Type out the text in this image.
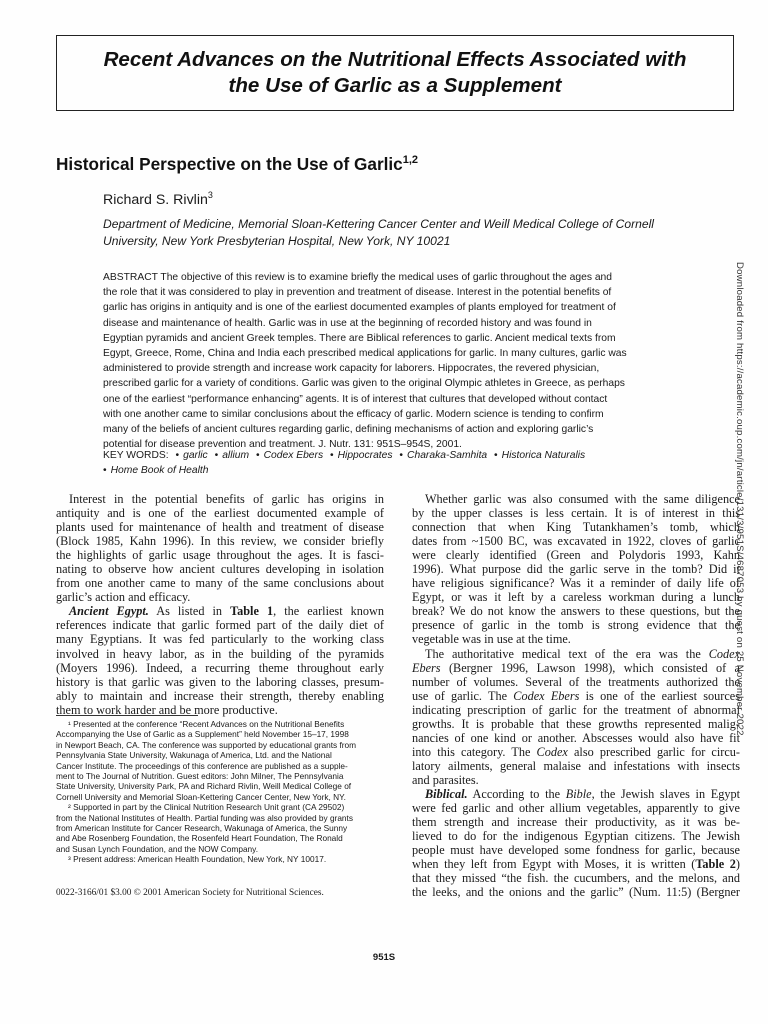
Recent Advances on the Nutritional Effects Associated with
the Use of Garlic as a Supplement
Historical Perspective on the Use of Garlic$^{1,2}$
Richard S. Rivlin$^3$
Department of Medicine, Memorial Sloan-Kettering Cancer Center and Weill Medical College of Cornell
University, New York Presbyterian Hospital, New York, NY 10021
ABSTRACT The objective of this review is to examine briefly the medical uses of garlic throughout the ages and
the role that it was considered to play in prevention and treatment of disease. Interest in the potential benefits of
garlic has origins in antiquity and is one of the earliest documented examples of plants employed for treatment of
disease and maintenance of health. Garlic was in use at the beginning of recorded history and was found in
Egyptian pyramids and ancient Greek temples. There are Biblical references to garlic. Ancient medical texts from
Egypt, Greece, Rome, China and India each prescribed medical applications for garlic. In many cultures, garlic was
administered to provide strength and increase work capacity for laborers. Hippocrates, the revered physician,
prescribed garlic for a variety of conditions. Garlic was given to the original Olympic athletes in Greece, as perhaps
one of the earliest “performance enhancing” agents. It is of interest that cultures that developed without contact
with one another came to similar conclusions about the efficacy of garlic. Modern science is tending to confirm
many of the beliefs of ancient cultures regarding garlic, defining mechanisms of action and exploring garlic’s
potential for disease prevention and treatment. J. Nutr. 131: 951S–954S, 2001.
KEY WORDS: • garlic • allium • Codex Ebers • Hippocrates • Charaka-Samhita • Historica Naturalis
• Home Book of Health
Interest in the potential benefits of garlic has origins in
antiquity and is one of the earliest documented example of
plants used for maintenance of health and treatment of disease
(Block 1985, Kahn 1996). In this review, we consider briefly
the highlights of garlic usage throughout the ages. It is fasci-
nating to observe how ancient cultures developing in isolation
from one another came to many of the same conclusions about
garlic’s action and efficacy.
Ancient Egypt. As listed in Table 1, the earliest known
references indicate that garlic formed part of the daily diet of
many Egyptians. It was fed particularly to the working class
involved in heavy labor, as in the building of the pyramids
(Moyers 1996). Indeed, a recurring theme throughout early
history is that garlic was given to the laboring classes, presum-
ably to maintain and increase their strength, thereby enabling
them to work harder and be more productive.
Whether garlic was also consumed with the same diligence
by the upper classes is less certain. It is of interest in this
connection that when King Tutankhamen’s tomb, which
dates from ~1500 BC, was excavated in 1922, cloves of garlic
were clearly identified (Green and Polydoris 1993, Kahn
1996). What purpose did the garlic serve in the tomb? Did it
have religious significance? Was it a reminder of daily life of
Egypt, or was it left by a careless workman during a lunch
break? We do not know the answers to these questions, but the
presence of garlic in the tomb is strong evidence that the
vegetable was in use at the time.
The authoritative medical text of the era was the Codex
Ebers (Bergner 1996, Lawson 1998), which consisted of a
number of volumes. Several of the treatments authorized the
use of garlic. The Codex Ebers is one of the earliest sources
indicating prescription of garlic for the treatment of abnormal
growths. It is probable that these growths represented malig-
nancies of one kind or another. Abscesses would also have fit
into this category. The Codex also prescribed garlic for circu-
latory ailments, general malaise and infestations with insects
and parasites.
Biblical. According to the Bible, the Jewish slaves in Egypt
were fed garlic and other allium vegetables, apparently to give
them strength and increase their productivity, as it was be-
lieved to do for the indigenous Egyptian citizens. The Jewish
people must have developed some fondness for garlic, because
when they left from Egypt with Moses, it is written (Table 2)
that they missed “the fish. the cucumbers, and the melons, and
the leeks, and the onions and the garlic” (Num. 11:5) (Bergner
¹ Presented at the conference “Recent Advances on the Nutritional Benefits
Accompanying the Use of Garlic as a Supplement” held November 15–17, 1998
in Newport Beach, CA. The conference was supported by educational grants from
Pennsylvania State University, Wakunaga of America, Ltd. and the National
Cancer Institute. The proceedings of this conference are published as a supple-
ment to The Journal of Nutrition. Guest editors: John Milner, The Pennsylvania
State University, University Park, PA and Richard Rivlin, Weill Medical College of
Cornell University and Memorial Sloan-Kettering Cancer Center, New York, NY.
² Supported in part by the Clinical Nutrition Research Unit grant (CA 29502)
from the National Institutes of Health. Partial funding was also provided by grants
from American Institute for Cancer Research, Wakunaga of America, the Sunny
and Abe Rosenberg Foundation, the Rosenfeld Heart Foundation, The Ronald
and Susan Lynch Foundation, and the NOW Company.
³ Present address: American Health Foundation, New York, NY 10017.
0022-3166/01 $3.00 © 2001 American Society for Nutritional Sciences.
951S
Downloaded from https://academic.oup.com/jn/article/131/3/951S/4687053 by guest on 25 November 2022
